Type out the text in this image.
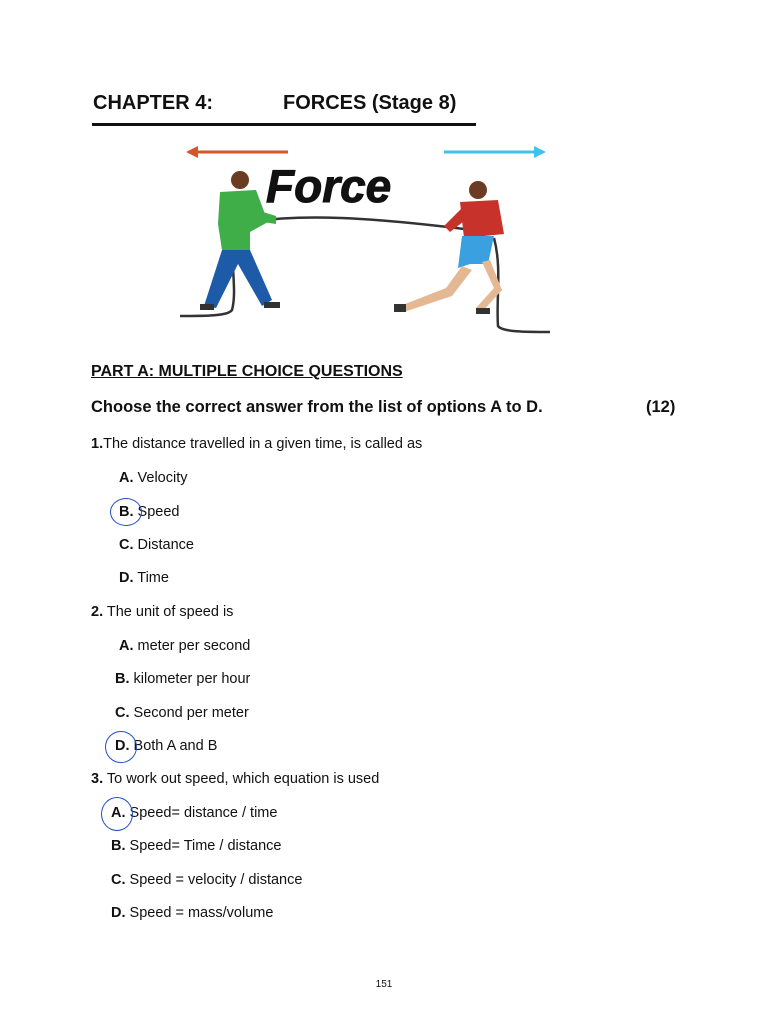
CHAPTER 4:	FORCES (Stage 8)
Force
PART A: MULTIPLE CHOICE QUESTIONS
Choose the correct answer from the list of options A to D.	(12)
1.The distance travelled in a given time, is called as
A. Velocity
B. Speed
C. Distance
D. Time
2. The unit of speed is
A. meter per second
B. kilometer per hour
C. Second per meter
D. Both A and B
3. To work out speed, which equation is used
A. Speed= distance / time
B. Speed= Time / distance
C. Speed = velocity / distance
D. Speed = mass/volume
151
